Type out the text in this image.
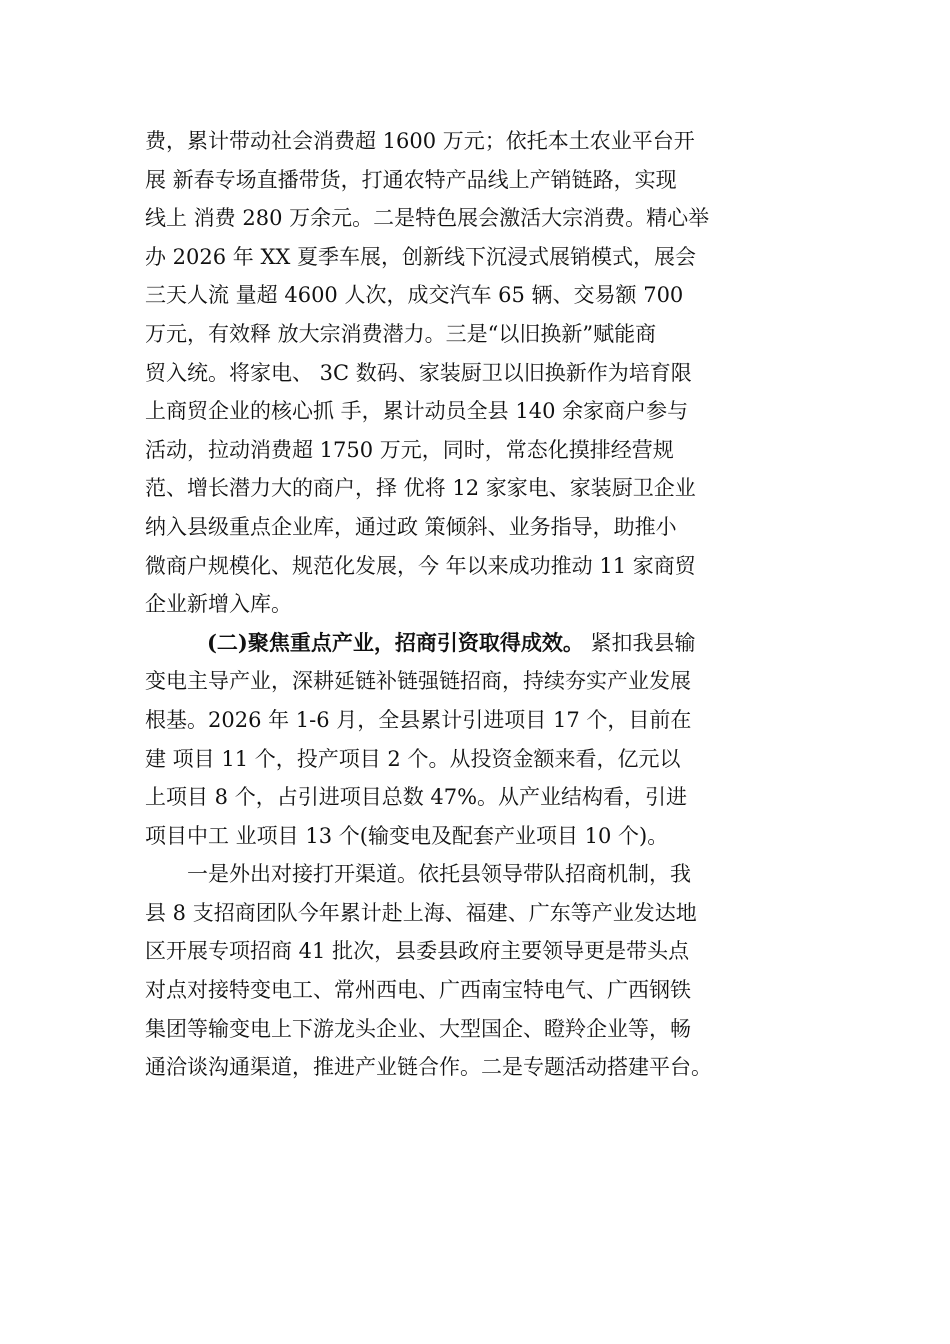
费，累计带动社会消费超 1600 万元；依托本土农业平台开
展 新春专场直播带货，打通农特产品线上产销链路，实现
线上 消费 280 万余元。二是特色展会激活大宗消费。精心举
办 2026 年 XX 夏季车展，创新线下沉浸式展销模式，展会
三天人流 量超 4600 人次，成交汽车 65 辆、交易额 700
万元，有效释 放大宗消费潜力。三是“以旧换新”赋能商
贸入统。将家电、 3C 数码、家装厨卫以旧换新作为培育限
上商贸企业的核心抓 手，累计动员全县 140 余家商户参与
活动，拉动消费超 1750 万元，同时，常态化摸排经营规
范、增长潜力大的商户，择 优将 12 家家电、家装厨卫企业
纳入县级重点企业库，通过政 策倾斜、业务指导，助推小
微商户规模化、规范化发展，今 年以来成功推动 11 家商贸
企业新增入库。
(二)聚焦重点产业，招商引资取得成效。 紧扣我县输
变电主导产业，深耕延链补链强链招商，持续夯实产业发展
根基。2026 年 1-6 月，全县累计引进项目 17 个，目前在
建 项目 11 个，投产项目 2 个。从投资金额来看，亿元以
上项目 8 个，占引进项目总数 47%。从产业结构看，引进
项目中工 业项目 13 个(输变电及配套产业项目 10 个)。
一是外出对接打开渠道。依托县领导带队招商机制，我
县 8 支招商团队今年累计赴上海、福建、广东等产业发达地
区开展专项招商 41 批次，县委县政府主要领导更是带头点
对点对接特变电工、常州西电、广西南宝特电气、广西钢铁
集团等输变电上下游龙头企业、大型国企、瞪羚企业等，畅
通洽谈沟通渠道，推进产业链合作。二是专题活动搭建平台。
